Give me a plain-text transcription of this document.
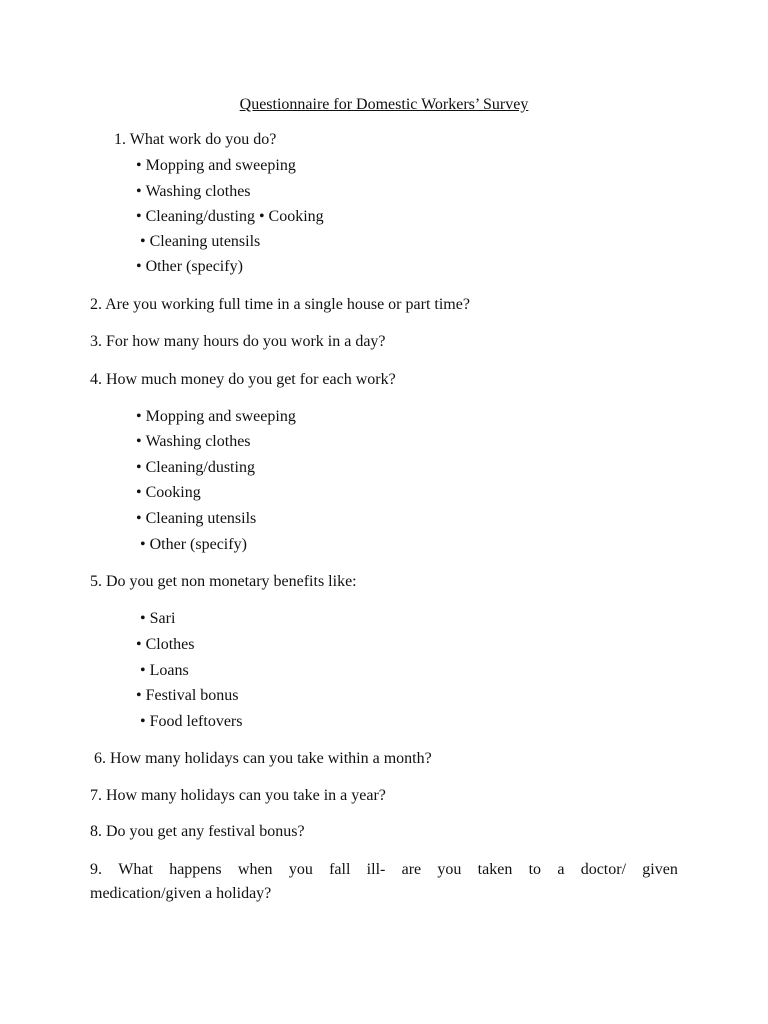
Questionnaire for Domestic Workers’ Survey
1. What work do you do?
• Mopping and sweeping
• Washing clothes
• Cleaning/dusting • Cooking
• Cleaning utensils
• Other (specify)
2. Are you working full time in a single house or part time?
3. For how many hours do you work in a day?
4. How much money do you get for each work?
• Mopping and sweeping
• Washing clothes
• Cleaning/dusting
• Cooking
• Cleaning utensils
• Other (specify)
5. Do you get non monetary benefits like:
• Sari
• Clothes
• Loans
• Festival bonus
• Food leftovers
6. How many holidays can you take within a month?
7. How many holidays can you take in a year?
8. Do you get any festival bonus?
9. What happens when you fall ill- are you taken to a doctor/ given
medication/given a holiday?
